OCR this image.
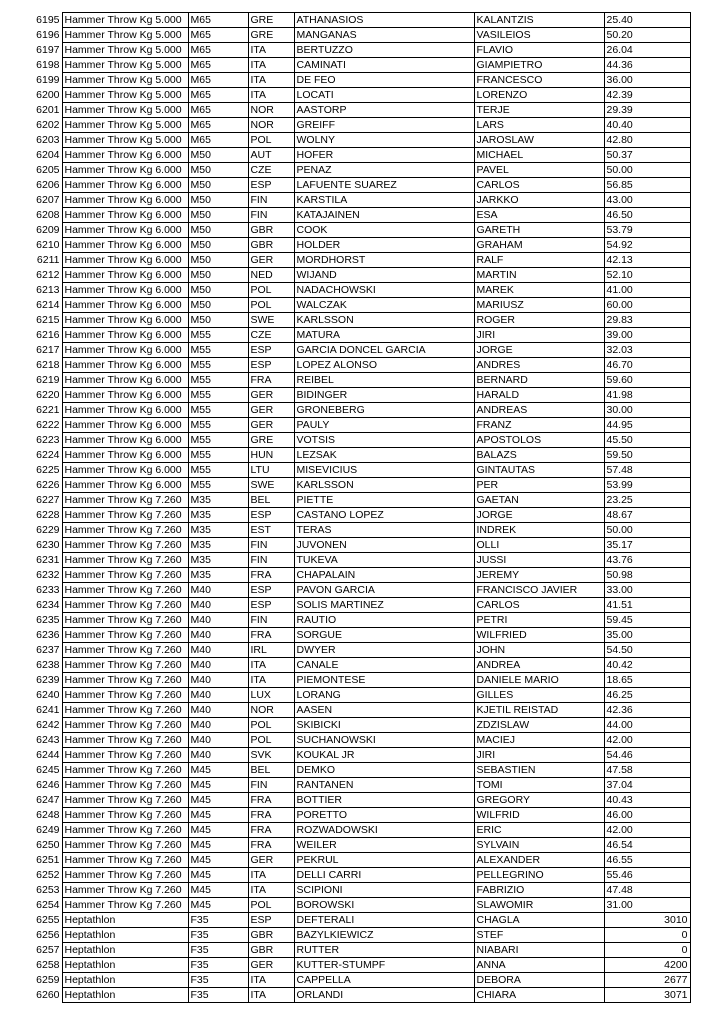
6195	Hammer Throw Kg 5.000	M65	GRE	ATHANASIOS	KALANTZIS	25.40
6196	Hammer Throw Kg 5.000	M65	GRE	MANGANAS	VASILEIOS	50.20
6197	Hammer Throw Kg 5.000	M65	ITA	BERTUZZO	FLAVIO	26.04
6198	Hammer Throw Kg 5.000	M65	ITA	CAMINATI	GIAMPIETRO	44.36
6199	Hammer Throw Kg 5.000	M65	ITA	DE FEO	FRANCESCO	36.00
6200	Hammer Throw Kg 5.000	M65	ITA	LOCATI	LORENZO	42.39
6201	Hammer Throw Kg 5.000	M65	NOR	AASTORP	TERJE	29.39
6202	Hammer Throw Kg 5.000	M65	NOR	GREIFF	LARS	40.40
6203	Hammer Throw Kg 5.000	M65	POL	WOLNY	JAROSLAW	42.80
6204	Hammer Throw Kg 6.000	M50	AUT	HOFER	MICHAEL	50.37
6205	Hammer Throw Kg 6.000	M50	CZE	PENAZ	PAVEL	50.00
6206	Hammer Throw Kg 6.000	M50	ESP	LAFUENTE SUAREZ	CARLOS	56.85
6207	Hammer Throw Kg 6.000	M50	FIN	KARSTILA	JARKKO	43.00
6208	Hammer Throw Kg 6.000	M50	FIN	KATAJAINEN	ESA	46.50
6209	Hammer Throw Kg 6.000	M50	GBR	COOK	GARETH	53.79
6210	Hammer Throw Kg 6.000	M50	GBR	HOLDER	GRAHAM	54.92
6211	Hammer Throw Kg 6.000	M50	GER	MORDHORST	RALF	42.13
6212	Hammer Throw Kg 6.000	M50	NED	WIJAND	MARTIN	52.10
6213	Hammer Throw Kg 6.000	M50	POL	NADACHOWSKI	MAREK	41.00
6214	Hammer Throw Kg 6.000	M50	POL	WALCZAK	MARIUSZ	60.00
6215	Hammer Throw Kg 6.000	M50	SWE	KARLSSON	ROGER	29.83
6216	Hammer Throw Kg 6.000	M55	CZE	MATURA	JIRI	39.00
6217	Hammer Throw Kg 6.000	M55	ESP	GARCIA DONCEL GARCIA	JORGE	32.03
6218	Hammer Throw Kg 6.000	M55	ESP	LOPEZ ALONSO	ANDRES	46.70
6219	Hammer Throw Kg 6.000	M55	FRA	REIBEL	BERNARD	59.60
6220	Hammer Throw Kg 6.000	M55	GER	BIDINGER	HARALD	41.98
6221	Hammer Throw Kg 6.000	M55	GER	GRONEBERG	ANDREAS	30.00
6222	Hammer Throw Kg 6.000	M55	GER	PAULY	FRANZ	44.95
6223	Hammer Throw Kg 6.000	M55	GRE	VOTSIS	APOSTOLOS	45.50
6224	Hammer Throw Kg 6.000	M55	HUN	LEZSAK	BALAZS	59.50
6225	Hammer Throw Kg 6.000	M55	LTU	MISEVICIUS	GINTAUTAS	57.48
6226	Hammer Throw Kg 6.000	M55	SWE	KARLSSON	PER	53.99
6227	Hammer Throw Kg 7.260	M35	BEL	PIETTE	GAETAN	23.25
6228	Hammer Throw Kg 7.260	M35	ESP	CASTANO LOPEZ	JORGE	48.67
6229	Hammer Throw Kg 7.260	M35	EST	TERAS	INDREK	50.00
6230	Hammer Throw Kg 7.260	M35	FIN	JUVONEN	OLLI	35.17
6231	Hammer Throw Kg 7.260	M35	FIN	TUKEVA	JUSSI	43.76
6232	Hammer Throw Kg 7.260	M35	FRA	CHAPALAIN	JEREMY	50.98
6233	Hammer Throw Kg 7.260	M40	ESP	PAVON GARCIA	FRANCISCO JAVIER	33.00
6234	Hammer Throw Kg 7.260	M40	ESP	SOLIS MARTINEZ	CARLOS	41.51
6235	Hammer Throw Kg 7.260	M40	FIN	RAUTIO	PETRI	59.45
6236	Hammer Throw Kg 7.260	M40	FRA	SORGUE	WILFRIED	35.00
6237	Hammer Throw Kg 7.260	M40	IRL	DWYER	JOHN	54.50
6238	Hammer Throw Kg 7.260	M40	ITA	CANALE	ANDREA	40.42
6239	Hammer Throw Kg 7.260	M40	ITA	PIEMONTESE	DANIELE MARIO	18.65
6240	Hammer Throw Kg 7.260	M40	LUX	LORANG	GILLES	46.25
6241	Hammer Throw Kg 7.260	M40	NOR	AASEN	KJETIL REISTAD	42.36
6242	Hammer Throw Kg 7.260	M40	POL	SKIBICKI	ZDZISLAW	44.00
6243	Hammer Throw Kg 7.260	M40	POL	SUCHANOWSKI	MACIEJ	42.00
6244	Hammer Throw Kg 7.260	M40	SVK	KOUKAL JR	JIRI	54.46
6245	Hammer Throw Kg 7.260	M45	BEL	DEMKO	SEBASTIEN	47.58
6246	Hammer Throw Kg 7.260	M45	FIN	RANTANEN	TOMI	37.04
6247	Hammer Throw Kg 7.260	M45	FRA	BOTTIER	GREGORY	40.43
6248	Hammer Throw Kg 7.260	M45	FRA	PORETTO	WILFRID	46.00
6249	Hammer Throw Kg 7.260	M45	FRA	ROZWADOWSKI	ERIC	42.00
6250	Hammer Throw Kg 7.260	M45	FRA	WEILER	SYLVAIN	46.54
6251	Hammer Throw Kg 7.260	M45	GER	PEKRUL	ALEXANDER	46.55
6252	Hammer Throw Kg 7.260	M45	ITA	DELLI CARRI	PELLEGRINO	55.46
6253	Hammer Throw Kg 7.260	M45	ITA	SCIPIONI	FABRIZIO	47.48
6254	Hammer Throw Kg 7.260	M45	POL	BOROWSKI	SLAWOMIR	31.00
6255	Heptathlon	F35	ESP	DEFTERALI	CHAGLA	3010
6256	Heptathlon	F35	GBR	BAZYLKIEWICZ	STEF	0
6257	Heptathlon	F35	GBR	RUTTER	NIABARI	0
6258	Heptathlon	F35	GER	KUTTER-STUMPF	ANNA	4200
6259	Heptathlon	F35	ITA	CAPPELLA	DEBORA	2677
6260	Heptathlon	F35	ITA	ORLANDI	CHIARA	3071
